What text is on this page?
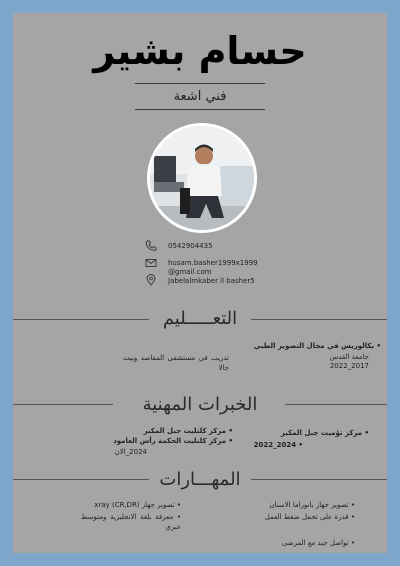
حسام بشير
فني اشعة
0542904435
husam.basher1999x1999
@gmail.com
Jabelalmkaber ll basher5
التعـــــليم
• بكالوريس في مجال التصوير الطبي
جامعة القدس
2017_2022
تدريب في مستشفى المقاصد وبيت جالا
الخبرات المهنية
• مركز تؤميت جبل المكبر
• 2024_2022
• مركز كلنليت جبل المكبر
• مركز كلنليت الحكمة رأس العامود
2024_الان
المهـــارات
• تصوير جهاز بانوراما الاسنان
• قدرة على تحمل ضغط العمل
• تواصل جيد مع المرضى
• تصوير جهاز xray (CR,DR)
• معرفة بلغة الانجليزية ومتوسط عبري
